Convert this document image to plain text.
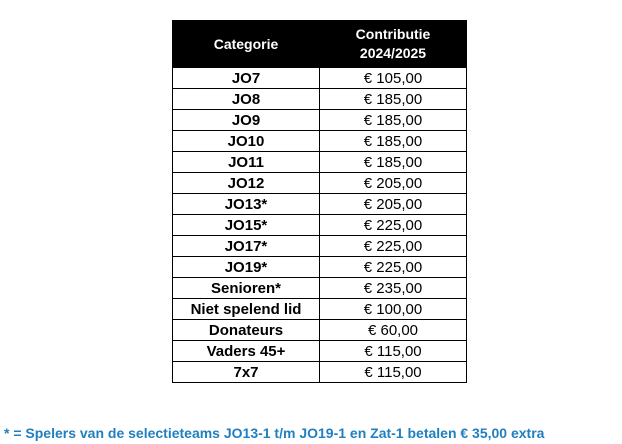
Categorie	Contributie
2024/2025
JO7	€ 105,00
JO8	€ 185,00
JO9	€ 185,00
JO10	€ 185,00
JO11	€ 185,00
JO12	€ 205,00
JO13*	€ 205,00
JO15*	€ 225,00
JO17*	€ 225,00
JO19*	€ 225,00
Senioren*	€ 235,00
Niet spelend lid	€ 100,00
Donateurs	€ 60,00
Vaders 45+	€ 115,00
7x7	€ 115,00

* = Spelers van de selectieteams JO13-1 t/m JO19-1 en Zat-1 betalen € 35,00 extra
